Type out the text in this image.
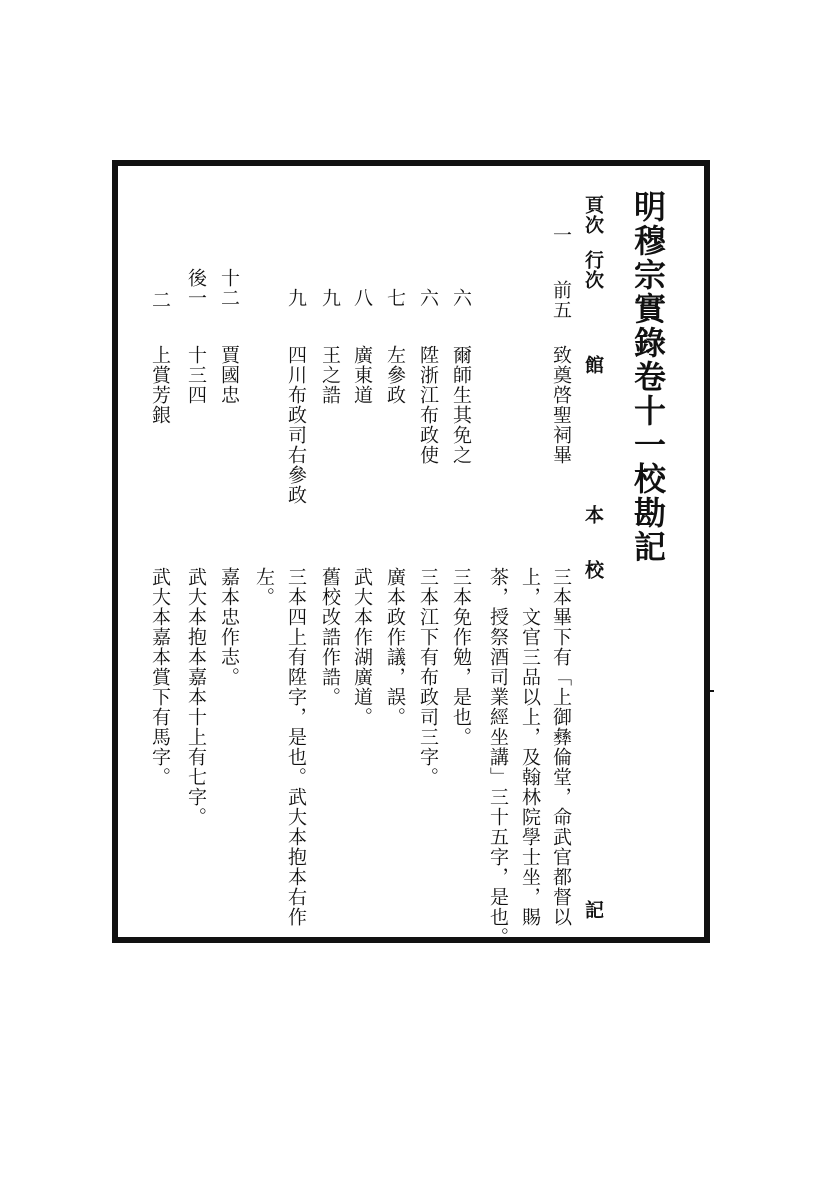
明穆宗實錄卷十一校勘記
頁次
行次
館
本
校
記
一
前五
致奠啓聖祠畢
三本畢下有「上御彝倫堂，命武官都督以
上，文官三品以上，及翰林院學士坐，賜
茶，授祭酒司業經坐講」三十五字，是也。
六
爾師生其免之
三本免作勉，是也。
六
陞浙江布政使
三本江下有布政司三字。
七
左參政
廣本政作議，誤。
八
廣東道
武大本作湖廣道。
九
王之誥
舊校改誥作誥。
九
四川布政司右參政
三本四上有陞字，是也。武大本抱本右作
左。
十二
賈國忠
嘉本忠作志。
後一
十三四
武大本抱本嘉本十上有七字。
二
上賞芳銀
武大本嘉本賞下有馬字。
